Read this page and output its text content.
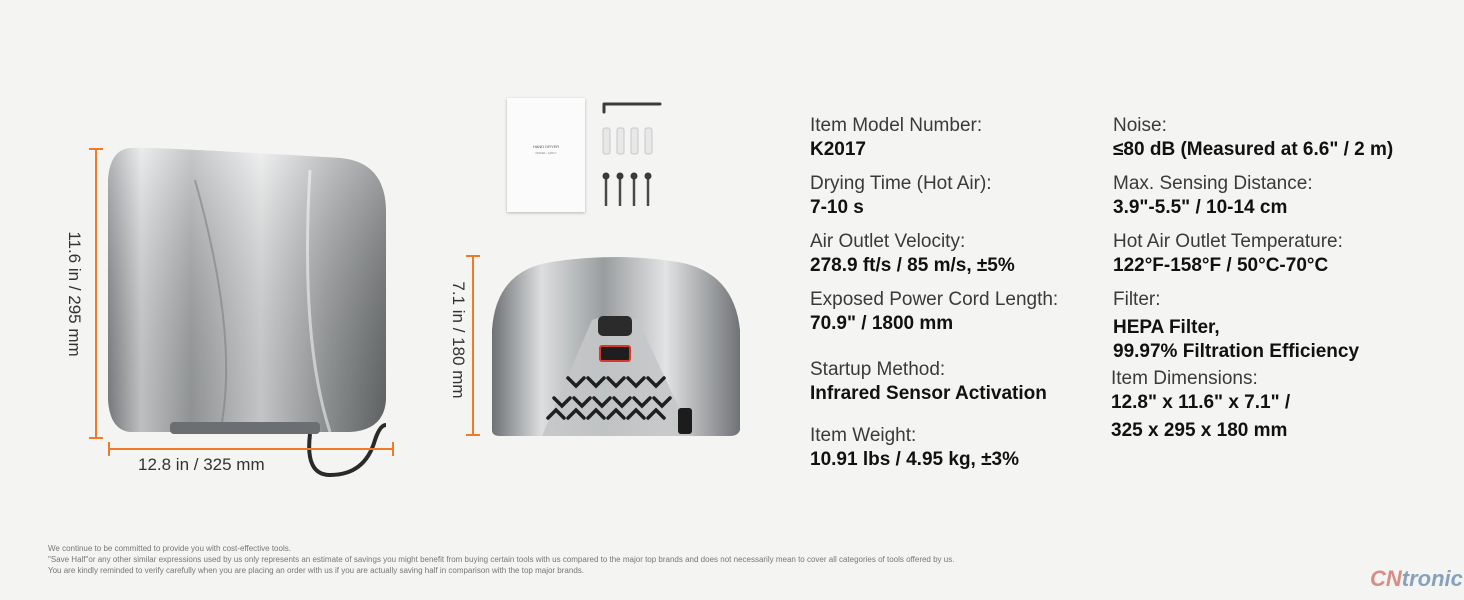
11.6 in / 295 mm
12.8 in / 325 mm
HAND DRYER
MODEL: K2017
7.1 in / 180 mm
Item Model Number:
K2017
Drying Time (Hot Air):
7-10 s
Air Outlet Velocity:
278.9 ft/s / 85 m/s, ±5%
Exposed Power Cord Length:
70.9" / 1800 mm
Startup Method:
Infrared Sensor Activation
Item Weight:
10.91 lbs / 4.95 kg, ±3%
Noise:
≤80 dB (Measured at 6.6" / 2 m)
Max. Sensing Distance:
3.9"-5.5" / 10-14 cm
Hot Air Outlet Temperature:
122°F-158°F / 50°C-70°C
Filter:
HEPA Filter,
99.97% Filtration Efficiency
Item Dimensions:
12.8" x 11.6" x 7.1" /
325 x 295 x 180 mm
We continue to be committed to provide you with cost-effective tools.
"Save Half"or any other similar expressions used by us only represents an estimate of savings you might benefit from buying certain tools with us compared to the major top brands and does not necessarily mean to cover all categories of tools offered by us.
You are kindly reminded to verify carefully when you are placing an order with us if you are actually saving half in comparison with the top major brands.	CNtronic
